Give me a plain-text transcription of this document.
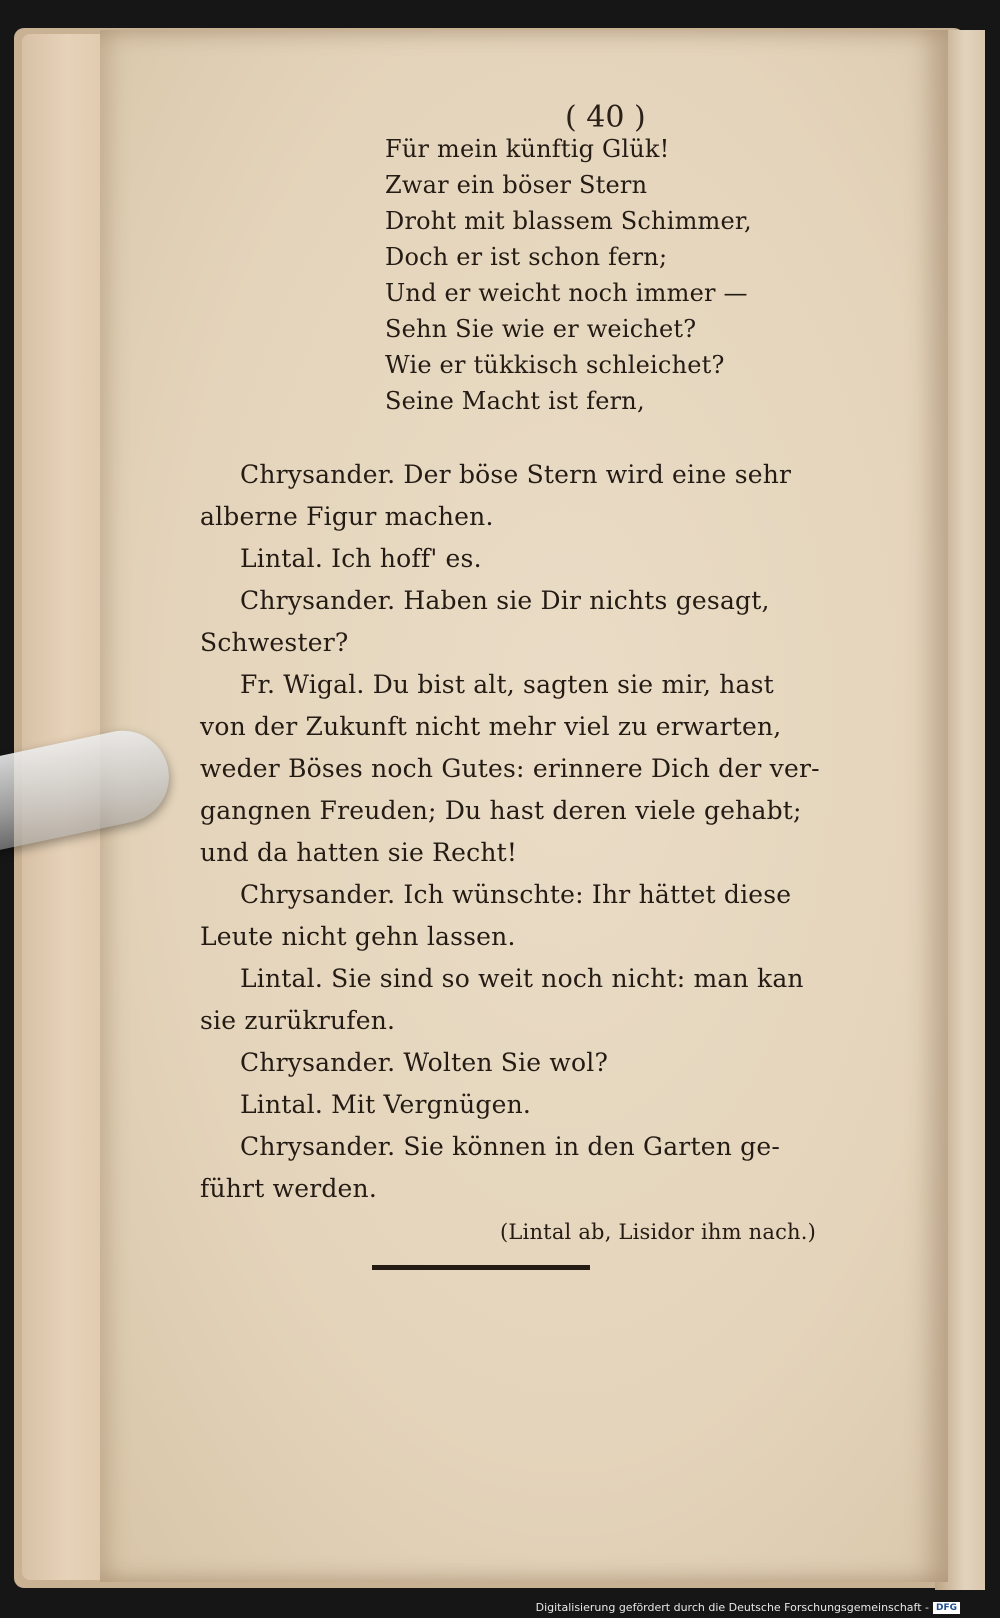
( 40 )
Für mein künftig Glük!
Zwar ein böser Stern
Droht mit blassem Schimmer,
Doch er ist schon fern;
Und er weicht noch immer —
Sehn Sie wie er weichet?
Wie er tükkisch schleichet?
Seine Macht ist fern,
Chrysander. Der böse Stern wird eine sehr
alberne Figur machen.
Lintal. Ich hoff' es.
Chrysander. Haben sie Dir nichts gesagt,
Schwester?
Fr. Wigal. Du bist alt, sagten sie mir, hast
von der Zukunft nicht mehr viel zu erwarten,
weder Böses noch Gutes: erinnere Dich der ver-
gangnen Freuden; Du hast deren viele gehabt;
und da hatten sie Recht!
Chrysander. Ich wünschte: Ihr hättet diese
Leute nicht gehn lassen.
Lintal. Sie sind so weit noch nicht: man kan
sie zurükrufen.
Chrysander. Wolten Sie wol?
Lintal. Mit Vergnügen.
Chrysander. Sie können in den Garten ge-
führt werden.
(Lintal ab, Lisidor ihm nach.)
Digitalisierung gefördert durch die Deutsche Forschungsgemeinschaft - DFG
